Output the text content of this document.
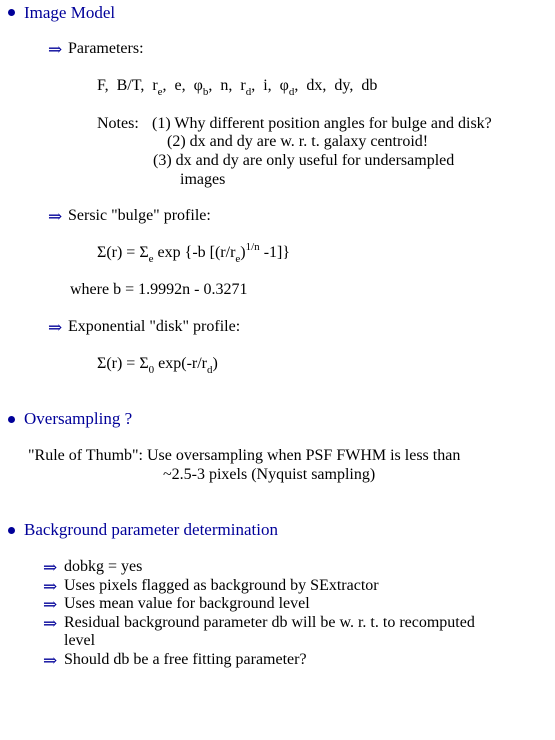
Image Model
⇒ Parameters:
F,  B/T,  $r_e$,  e,  $\varphi_b$,  n,  $r_d$,  i,  $\varphi_d$,  dx,  dy,  db
Notes: (1) Why different position angles for bulge and disk?
(2) dx and dy are w. r. t. galaxy centroid!
(3) dx and dy are only useful for undersampled
images
⇒ Sersic "bulge" profile:
$\Sigma(r) = \Sigma_e$ exp {-b [$(r/r_e)^{1/n}$ -1]}
where b = 1.9992n - 0.3271
⇒ Exponential "disk" profile:
$\Sigma(r) = \Sigma_0$ $\exp(-r/r_d)$
Oversampling ?
"Rule of Thumb": Use oversampling when PSF FWHM is less than
~2.5-3 pixels (Nyquist sampling)
Background parameter determination
⇒ dobkg = yes
⇒ Uses pixels flagged as background by SExtractor
⇒ Uses mean value for background level
⇒ Residual background parameter db will be w. r. t. to recomputed
level
⇒ Should db be a free fitting parameter?
